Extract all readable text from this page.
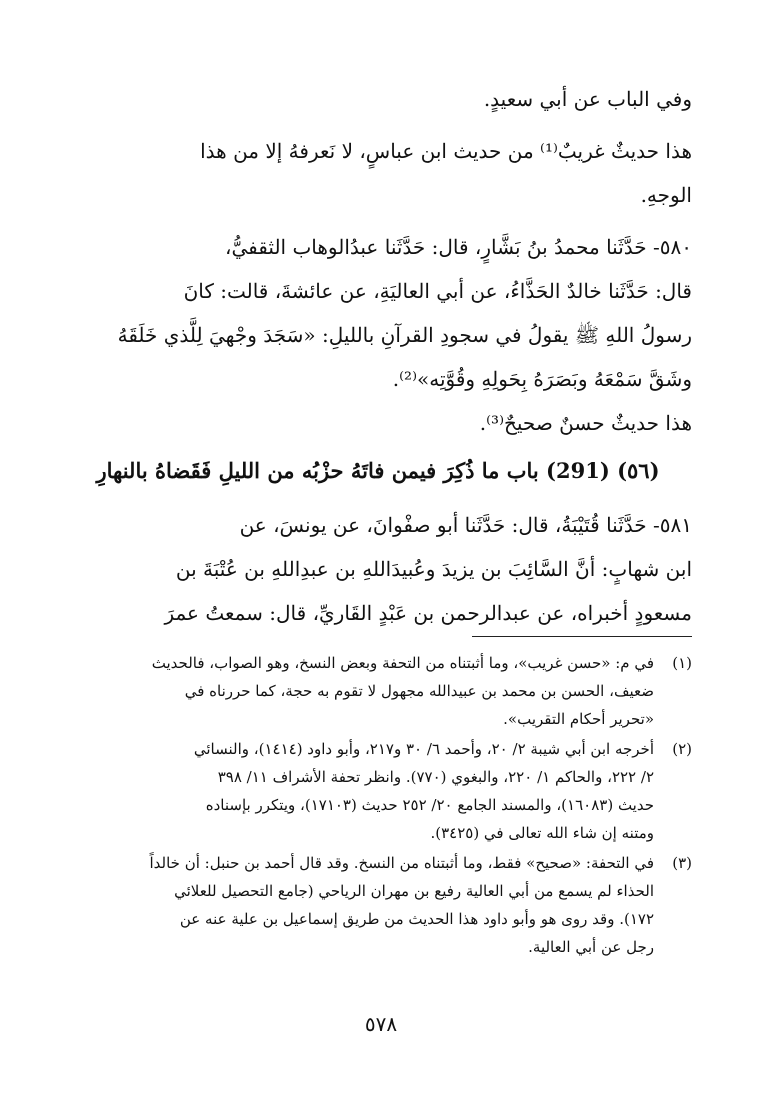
وفي الباب عن أبي سعيدٍ.

هذا حديثٌ غريبٌ⁽¹⁾ من حديث ابن عباسٍ، لا نَعرفهُ إلا من هذا

الوجهِ.

٥٨٠- حَدَّثَنا محمدُ بنُ بَشَّارٍ، قال: حَدَّثَنا عبدُالوهاب الثقفيُّ،

قال: حَدَّثَنا خالدٌ الحَذَّاءُ، عن أبي العاليَةِ، عن عائشةَ، قالت: كانَ

رسولُ اللهِ ﷺ يقولُ في سجودِ القرآنِ بالليلِ: «سَجَدَ وجْهيَ لِلَّذي خَلَقَهُ

وشَقَّ سَمْعَهُ وبَصَرَهُ بِحَولِهِ وقُوَّتِه»⁽²⁾.

هذا حديثٌ حسنٌ صحيحٌ⁽³⁾.

(٥٦) (291) باب ما ذُكِرَ فيمن فاتَهُ حزْبُه من الليلِ فَقَضاهُ بالنهارِ

٥٨١- حَدَّثَنا قُتَيْبَةُ، قال: حَدَّثَنا أبو صفْوانَ، عن يونسَ، عن

ابن شهابٍ: أنَّ السَّائِبَ بن يزيدَ وعُبيدَاللهِ بن عبدِاللهِ بن عُتْبَةَ بن

مسعودٍ أخبراه، عن عبدالرحمن بن عَبْدٍ القَاريِّ، قال: سمعتُ عمرَ

(١)
في م: «حسن غريب»، وما أثبتناه من التحفة وبعض النسخ، وهو الصواب، فالحديث
ضعيف، الحسن بن محمد بن عبيدالله مجهول لا تقوم به حجة، كما حررناه في
«تحرير أحكام التقريب».
(٢)
أخرجه ابن أبي شيبة ٢/ ٢٠، وأحمد ٦/ ٣٠ و٢١٧، وأبو داود (١٤١٤)، والنسائي
٢/ ٢٢٢، والحاكم ١/ ٢٢٠، والبغوي (٧٧٠). وانظر تحفة الأشراف ١١/ ٣٩٨
حديث (١٦٠٨٣)، والمسند الجامع ٢٠/ ٢٥٢ حديث (١٧١٠٣)، ويتكرر بإسناده
ومتنه إن شاء الله تعالى في (٣٤٢٥).
(٣)
في التحفة: «صحيح» فقط، وما أثبتناه من النسخ. وقد قال أحمد بن حنبل: أن خالداً
الحذاء لم يسمع من أبي العالية رفيع بن مهران الرياحي (جامع التحصيل للعلائي
١٧٢). وقد روى هو وأبو داود هذا الحديث من طريق إسماعيل بن علية عنه عن
رجل عن أبي العالية.
٥٧٨
